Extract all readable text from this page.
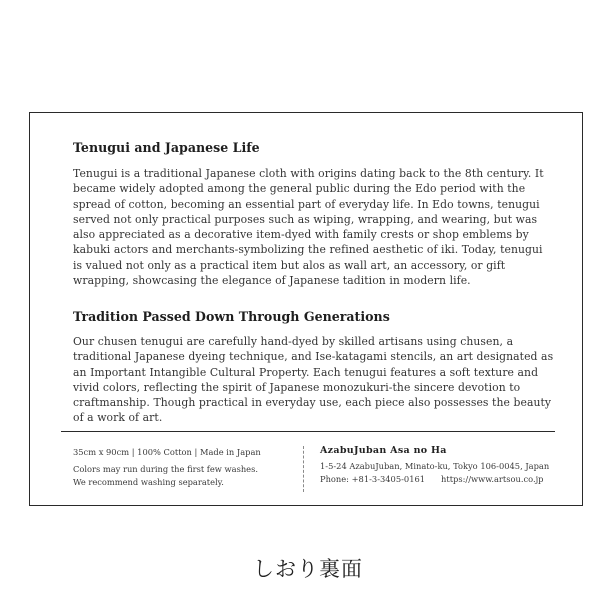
Tenugui and Japanese Life
Tenugui is a traditional Japanese cloth with origins dating back to the 8th century. It became widely adopted among the general public during the Edo period with the spread of cotton, becoming an essential part of everyday life. In Edo towns, tenugui served not only practical purposes such as wiping, wrapping, and wearing, but was also appreciated as a decorative item-dyed with family crests or shop emblems by kabuki actors and merchants-symbolizing the refined aesthetic of iki. Today, tenugui is valued not only as a practical item but alos as wall art, an accessory, or gift wrapping, showcasing the elegance of Japanese tadition in modern life.
Tradition Passed Down Through Generations
Our chusen tenugui are carefully hand-dyed by skilled artisans using chusen, a traditional Japanese dyeing technique, and Ise-katagami stencils, an art designated as an Important Intangible Cultural Property. Each tenugui features a soft texture and vivid colors, reflecting the spirit of Japanese monozukuri-the sincere devotion to craftmanship. Though practical in everyday use, each piece also possesses the beauty of a work of art.
35cm x 90cm | 100% Cotton | Made in Japan
Colors may run during the first few washes.
We recommend washing separately.
AzabuJuban Asa no Ha
1-5-24 AzabuJuban, Minato-ku, Tokyo 106-0045, Japan
Phone: +81-3-3405-0161 https://www.artsou.co.jp
しおり裏面
